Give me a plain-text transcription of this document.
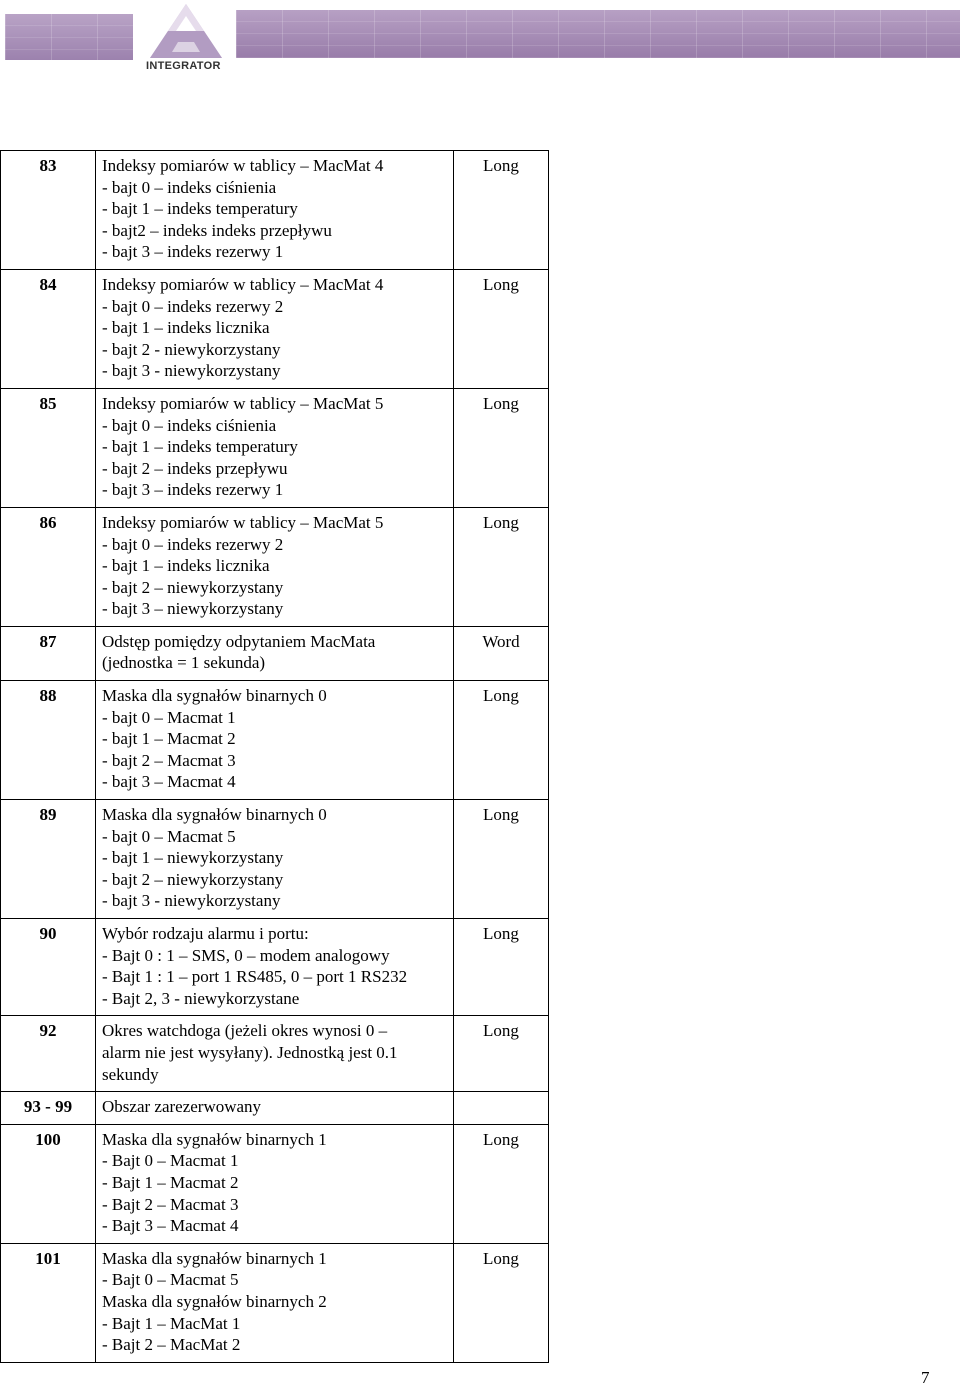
INTEGRATOR
83	Indeksy pomiarów w tablicy – MacMat 4
- bajt 0 – indeks ciśnienia
- bajt 1 – indeks temperatury
- bajt2 – indeks indeks przepływu
- bajt 3 – indeks rezerwy 1	Long
84	Indeksy pomiarów w tablicy – MacMat 4
- bajt 0 – indeks rezerwy 2
- bajt 1 – indeks licznika
- bajt 2 - niewykorzystany
- bajt 3 - niewykorzystany	Long
85	Indeksy pomiarów w tablicy – MacMat 5
- bajt 0 – indeks ciśnienia
- bajt 1 – indeks temperatury
- bajt 2 – indeks przepływu
- bajt 3 – indeks rezerwy 1	Long
86	Indeksy pomiarów w tablicy – MacMat 5
- bajt 0 – indeks rezerwy 2
- bajt 1 – indeks licznika
- bajt 2 – niewykorzystany
- bajt 3 – niewykorzystany	Long
87	Odstęp pomiędzy odpytaniem MacMata
(jednostka = 1 sekunda)	Word
88	Maska dla sygnałów binarnych 0
- bajt 0 – Macmat 1
- bajt 1 – Macmat 2
- bajt 2 – Macmat 3
- bajt 3 – Macmat 4	Long
89	Maska dla sygnałów binarnych 0
- bajt 0 – Macmat 5
- bajt 1 – niewykorzystany
- bajt 2 – niewykorzystany
- bajt 3 - niewykorzystany	Long
90	Wybór rodzaju alarmu i portu:
- Bajt 0 : 1 – SMS, 0 – modem analogowy
- Bajt 1 : 1 – port 1 RS485, 0 – port 1 RS232
- Bajt 2, 3 - niewykorzystane	Long
92	Okres watchdoga (jeżeli okres wynosi 0 –
alarm nie jest wysyłany). Jednostką jest 0.1
sekundy	Long
93 - 99	Obszar zarezerwowany	

100	Maska dla sygnałów binarnych 1
- Bajt 0 – Macmat 1
- Bajt 1 – Macmat 2
- Bajt 2 – Macmat 3
- Bajt 3 – Macmat 4	Long
101	Maska dla sygnałów binarnych 1
- Bajt 0 – Macmat 5
Maska dla sygnałów binarnych 2
- Bajt 1 – MacMat 1
- Bajt 2 – MacMat 2	Long
7
